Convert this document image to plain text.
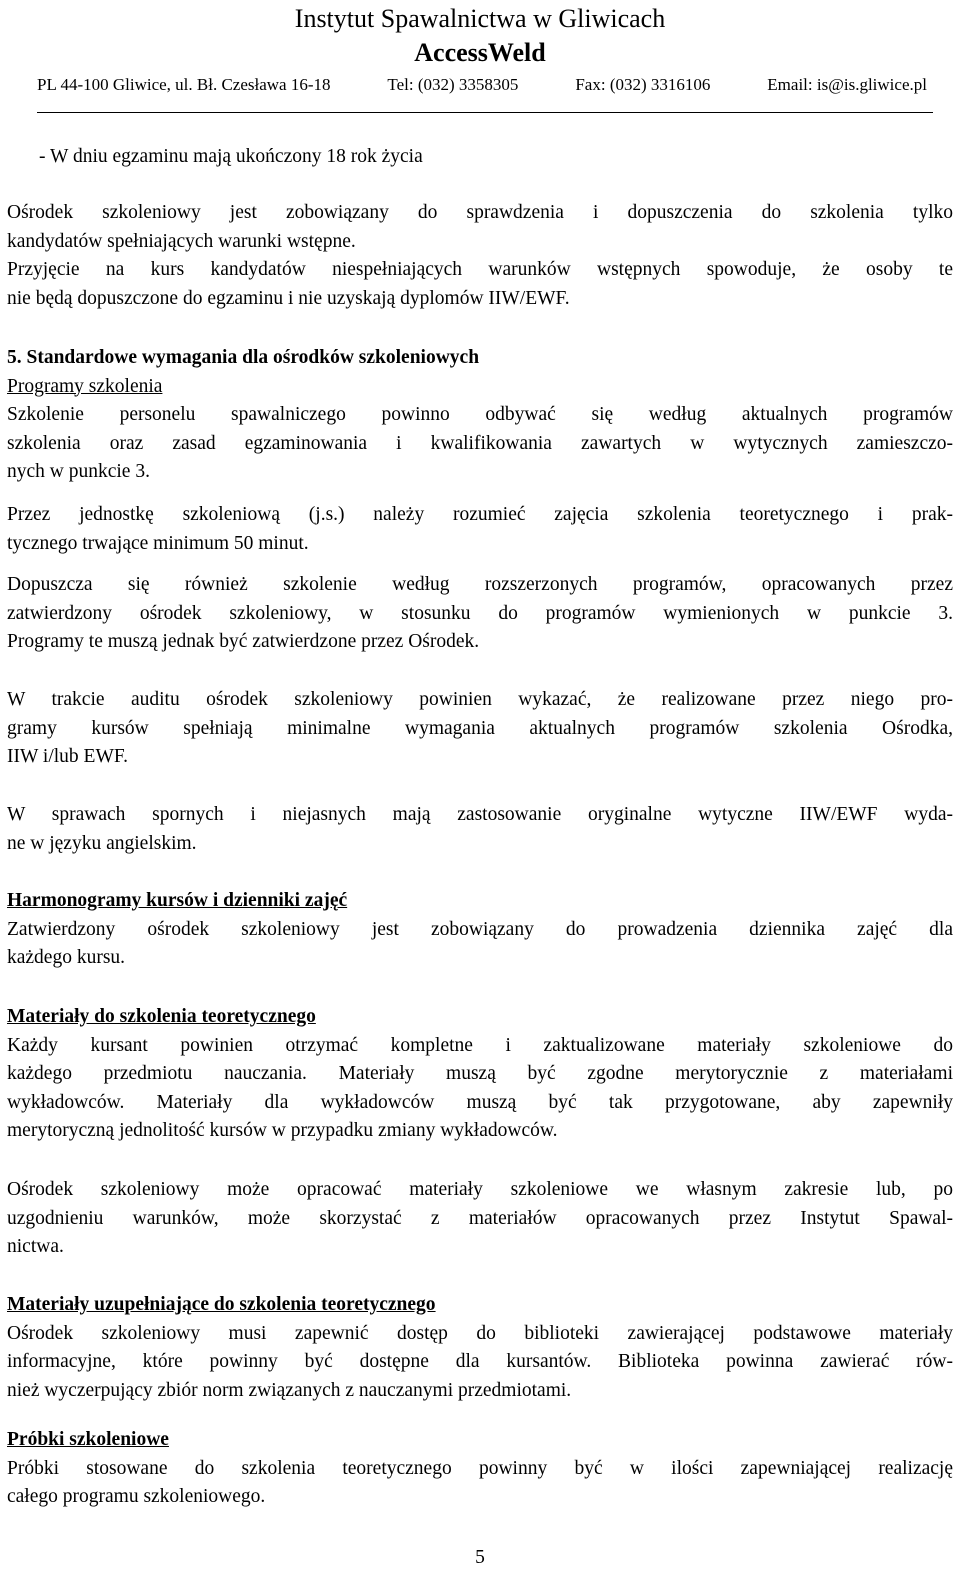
Instytut Spawalnictwa w Gliwicach
AccessWeld
PL 44-100 Gliwice, ul. Bł. Czesława 16-18	Tel: (032) 3358305	Fax: (032) 3316106	Email: is@is.gliwice.pl
- W dniu egzaminu mają ukończony 18 rok życia
Ośrodek szkoleniowy jest zobowiązany do sprawdzenia i dopuszczenia do szkolenia tylko
kandydatów spełniających warunki wstępne.
Przyjęcie na kurs kandydatów niespełniających warunków wstępnych spowoduje, że osoby te
nie będą dopuszczone do egzaminu i nie uzyskają dyplomów IIW/EWF.
5. Standardowe wymagania dla ośrodków szkoleniowych
Programy szkolenia
Szkolenie personelu spawalniczego powinno odbywać się według aktualnych programów
szkolenia oraz zasad egzaminowania i kwalifikowania zawartych w wytycznych zamieszczo-
nych w punkcie 3.
Przez jednostkę szkoleniową (j.s.) należy rozumieć zajęcia szkolenia teoretycznego i prak-
tycznego trwające minimum 50 minut.
Dopuszcza się również szkolenie według rozszerzonych programów, opracowanych przez
zatwierdzony ośrodek szkoleniowy, w stosunku do programów wymienionych w punkcie 3.
Programy te muszą jednak być zatwierdzone przez Ośrodek.
W trakcie auditu ośrodek szkoleniowy powinien wykazać, że realizowane przez niego pro-
gramy kursów spełniają minimalne wymagania aktualnych programów szkolenia Ośrodka,
IIW i/lub EWF.
W sprawach spornych i niejasnych mają zastosowanie oryginalne wytyczne IIW/EWF wyda-
ne w języku angielskim.
Harmonogramy kursów i dzienniki zajęć
Zatwierdzony ośrodek szkoleniowy jest zobowiązany do prowadzenia dziennika zajęć dla
każdego kursu.
Materiały do szkolenia teoretycznego
Każdy kursant powinien otrzymać kompletne i zaktualizowane materiały szkoleniowe do
każdego przedmiotu nauczania. Materiały muszą być zgodne merytorycznie z materiałami
wykładowców. Materiały dla wykładowców muszą być tak przygotowane, aby zapewniły
merytoryczną jednolitość kursów w przypadku zmiany wykładowców.
Ośrodek szkoleniowy może opracować materiały szkoleniowe we własnym zakresie lub, po
uzgodnieniu warunków, może skorzystać z materiałów opracowanych przez Instytut Spawal-
nictwa.
Materiały uzupełniające do szkolenia teoretycznego
Ośrodek szkoleniowy musi zapewnić dostęp do biblioteki zawierającej podstawowe materiały
informacyjne, które powinny być dostępne dla kursantów. Biblioteka powinna zawierać rów-
nież wyczerpujący zbiór norm związanych z nauczanymi przedmiotami.
Próbki szkoleniowe
Próbki stosowane do szkolenia teoretycznego powinny być w ilości zapewniającej realizację
całego programu szkoleniowego.
5
